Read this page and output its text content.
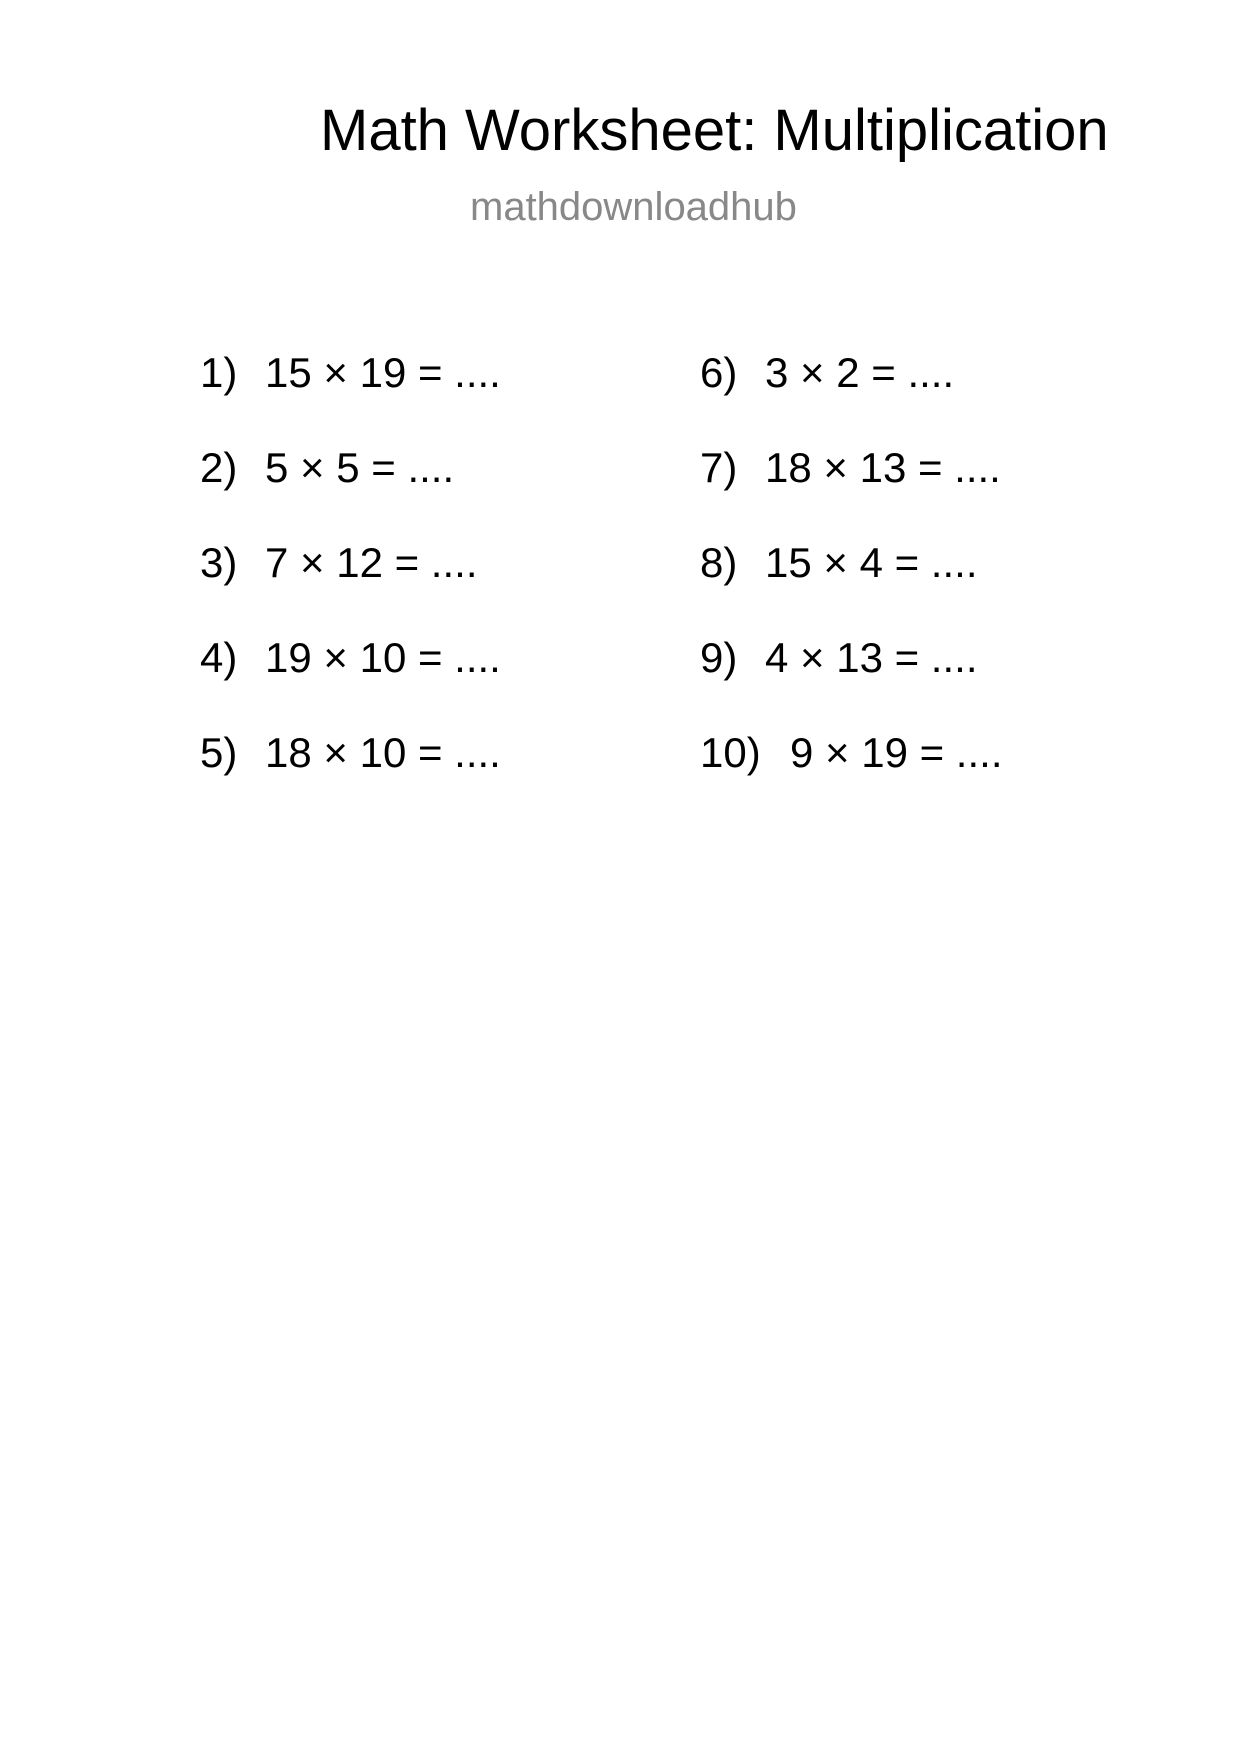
Math Worksheet: Multiplication
mathdownloadhub
1) 15 × 19 = ....
2) 5 × 5 = ....
3) 7 × 12 = ....
4) 19 × 10 = ....
5) 18 × 10 = ....
6) 3 × 2 = ....
7) 18 × 13 = ....
8) 15 × 4 = ....
9) 4 × 13 = ....
10) 9 × 19 = ....
